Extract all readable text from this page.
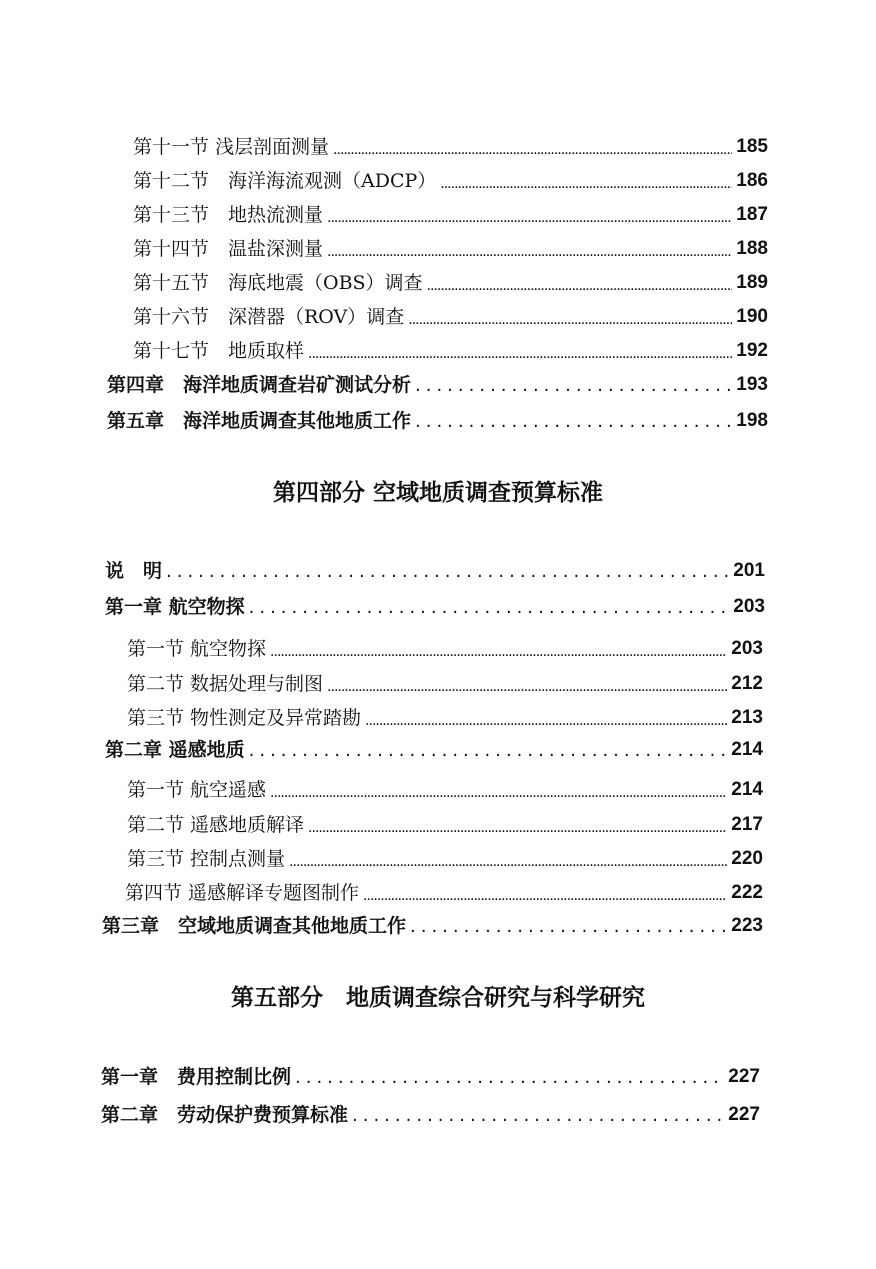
第十一节 浅层剖面测量 .....	185
第十二节　海洋海流观测（ADCP） .....	186
第十三节　地热流测量 .....	187
第十四节　温盐深测量 .....	188
第十五节　海底地震（OBS）调查 .....	189
第十六节　深潜器（ROV）调查 .....	190
第十七节　地质取样 .....	192
第四章　海洋地质调查岩矿测试分析 .....	193
第五章　海洋地质调查其他地质工作 .....	198
第四部分 空域地质调查预算标准
说　明 .....	201
第一章 航空物探 .....	203
第一节 航空物探 .....	203
第二节 数据处理与制图 .....	212
第三节 物性测定及异常踏勘 .....	213
第二章 遥感地质 .....	214
第一节 航空遥感 .....	214
第二节 遥感地质解译 .....	217
第三节 控制点测量 .....	220
第四节 遥感解译专题图制作 .....	222
第三章　空域地质调查其他地质工作 .....	223
第五部分　地质调查综合研究与科学研究
第一章　费用控制比例 .....	227
第二章　劳动保护费预算标准 .....	227
